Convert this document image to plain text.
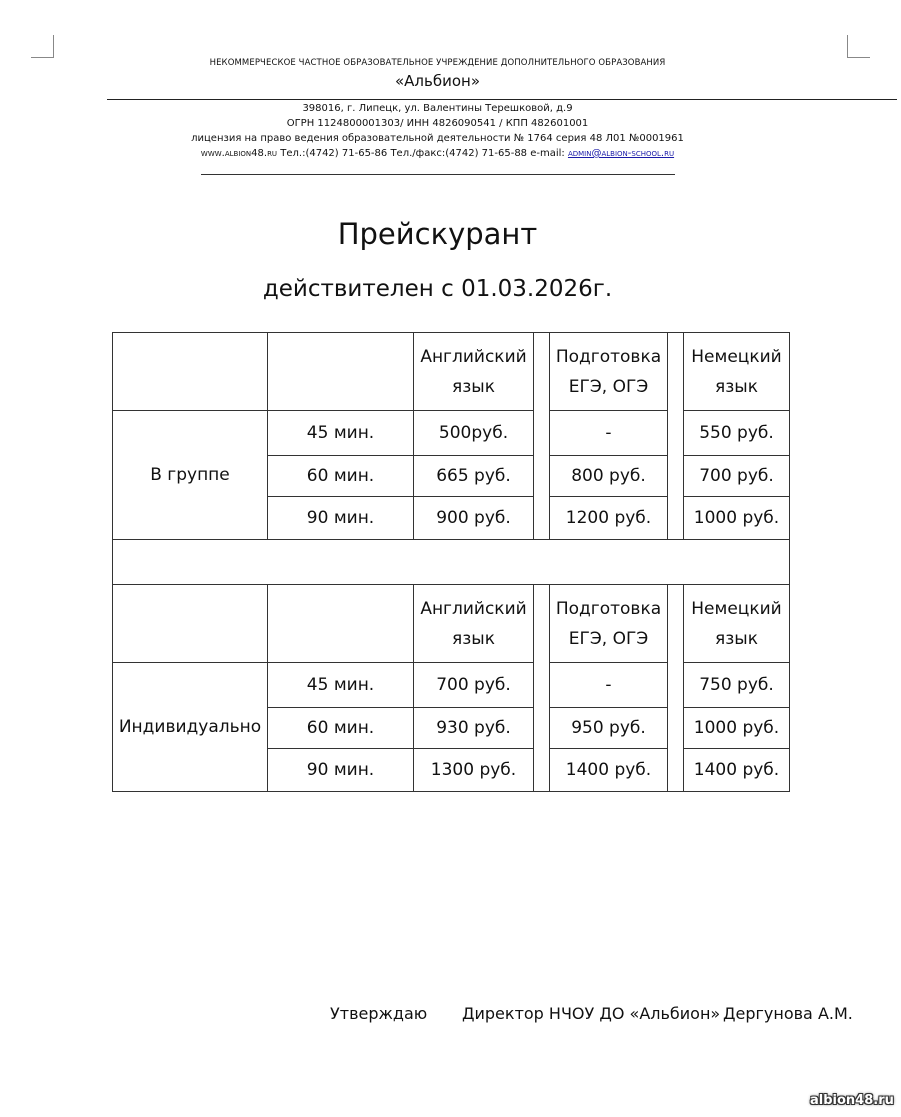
НЕКОММЕРЧЕСКОЕ ЧАСТНОЕ ОБРАЗОВАТЕЛЬНОЕ УЧРЕЖДЕНИЕ ДОПОЛНИТЕЛЬНОГО ОБРАЗОВАНИЯ
«Альбион»
398016, г. Липецк, ул. Валентины Терешковой, д.9
ОГРН 1124800001303/ ИНН 4826090541 / КПП 482601001
лицензия на право ведения образовательной деятельности № 1764 серия 48 Л01 №0001961
www.albion48.ru Тел.:(4742) 71-65-86 Тел./факс:(4742) 71-65-88 e-mail: admin@albion-school.ru
Прейскурант
действителен с 01.03.2026г.
		Английский язык		Подготовка ЕГЭ, ОГЭ		Немецкий язык
В группе	45 мин.	500руб.		-		550 руб.
	60 мин.	665 руб.		800 руб.		700 руб.
	90 мин.	900 руб.		1200 руб.		1000 руб.

		Английский язык		Подготовка ЕГЭ, ОГЭ		Немецкий язык
Индивидуально	45 мин.	700 руб.		-		750 руб.
	60 мин.	930 руб.		950 руб.		1000 руб.
	90 мин.	1300 руб.		1400 руб.		1400 руб.
Утверждаю Директор НЧОУ ДО «Альбион» Дергунова А.М.
albion48.ru
